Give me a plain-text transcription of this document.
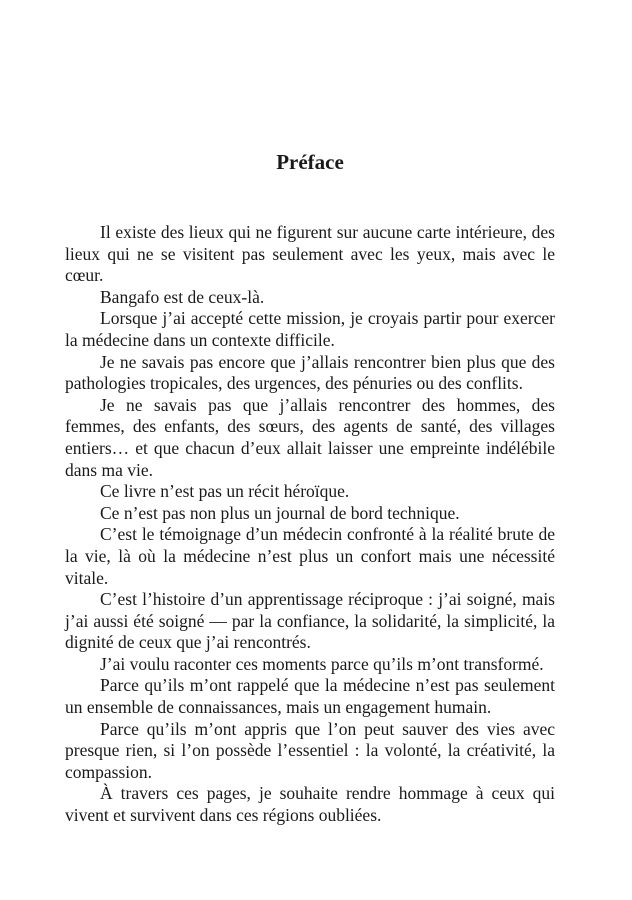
Préface

Il existe des lieux qui ne figurent sur aucune carte intérieure, des lieux qui ne se visitent pas seulement avec les yeux, mais avec le cœur.

Bangafo est de ceux-là.

Lorsque j’ai accepté cette mission, je croyais partir pour exercer la médecine dans un contexte difficile.

Je ne savais pas encore que j’allais rencontrer bien plus que des pathologies tropicales, des urgences, des pénuries ou des conflits.

Je ne savais pas que j’allais rencontrer des hommes, des femmes, des enfants, des sœurs, des agents de santé, des villages entiers… et que chacun d’eux allait laisser une empreinte indélébile dans ma vie.

Ce livre n’est pas un récit héroïque.

Ce n’est pas non plus un journal de bord technique.

C’est le témoignage d’un médecin confronté à la réalité brute de la vie, là où la médecine n’est plus un confort mais une nécessité vitale.

C’est l’histoire d’un apprentissage réciproque : j’ai soigné, mais j’ai aussi été soigné — par la confiance, la solidarité, la simplicité, la dignité de ceux que j’ai rencontrés.

J’ai voulu raconter ces moments parce qu’ils m’ont transformé.

Parce qu’ils m’ont rappelé que la médecine n’est pas seulement un ensemble de connaissances, mais un engagement humain.

Parce qu’ils m’ont appris que l’on peut sauver des vies avec presque rien, si l’on possède l’essentiel : la volonté, la créativité, la compassion.

À travers ces pages, je souhaite rendre hommage à ceux qui vivent et survivent dans ces régions oubliées.
